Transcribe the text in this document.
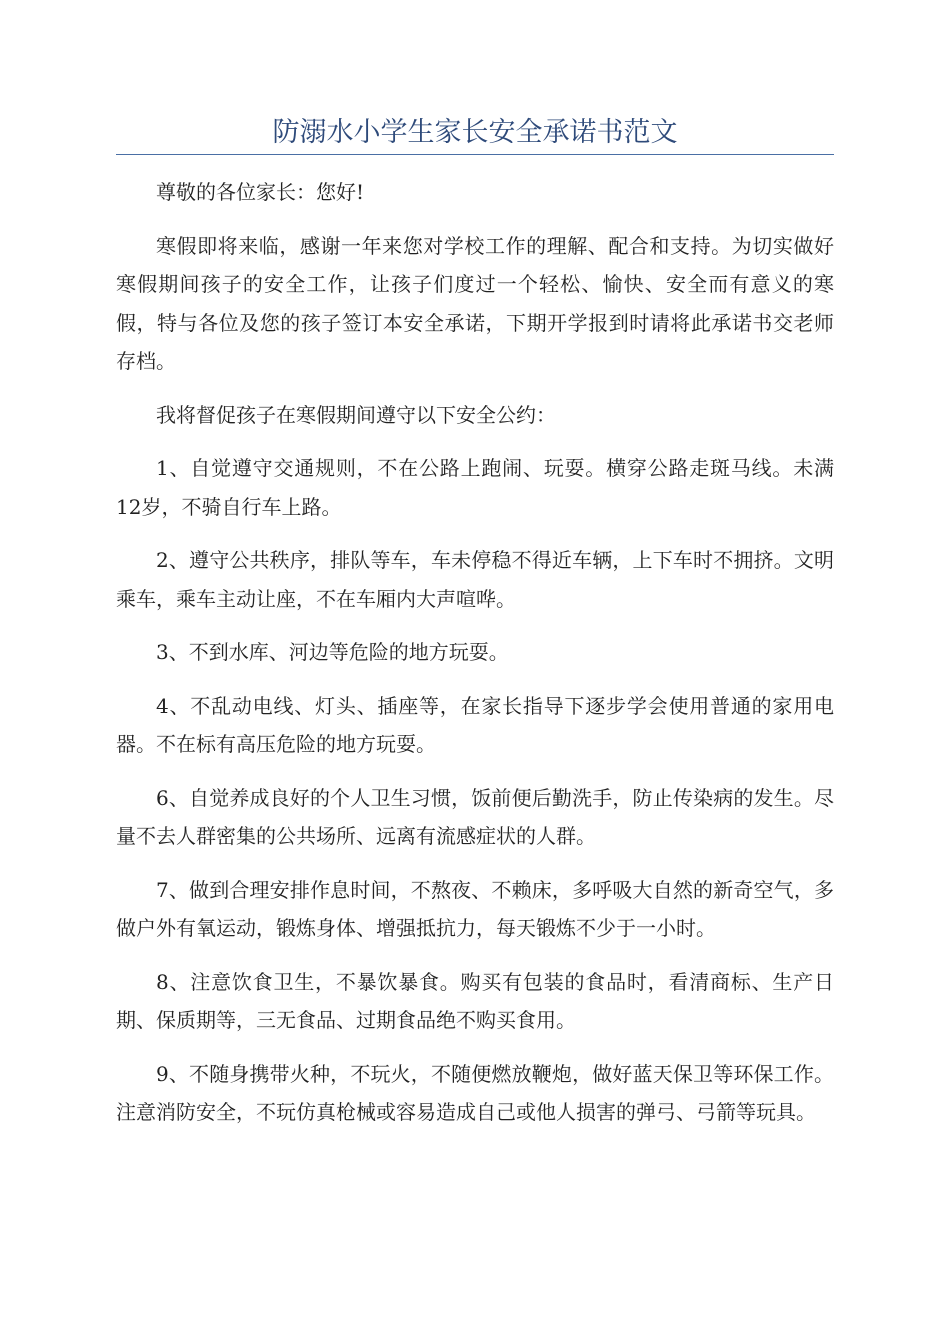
防溺水小学生家长安全承诺书范文

尊敬的各位家长：您好!

寒假即将来临，感谢一年来您对学校工作的理解、配合和支持。为切实做好寒假期间孩子的安全工作，让孩子们度过一个轻松、愉快、安全而有意义的寒假，特与各位及您的孩子签订本安全承诺，下期开学报到时请将此承诺书交老师存档。

我将督促孩子在寒假期间遵守以下安全公约：

1、自觉遵守交通规则，不在公路上跑闹、玩耍。横穿公路走斑马线。未满12岁，不骑自行车上路。

2、遵守公共秩序，排队等车，车未停稳不得近车辆，上下车时不拥挤。文明乘车，乘车主动让座，不在车厢内大声喧哗。

3、不到水库、河边等危险的地方玩耍。

4、不乱动电线、灯头、插座等，在家长指导下逐步学会使用普通的家用电器。不在标有高压危险的地方玩耍。

6、自觉养成良好的个人卫生习惯，饭前便后勤洗手，防止传染病的发生。尽量不去人群密集的公共场所、远离有流感症状的人群。

7、做到合理安排作息时间，不熬夜、不赖床，多呼吸大自然的新奇空气，多做户外有氧运动，锻炼身体、增强抵抗力，每天锻炼不少于一小时。

8、注意饮食卫生，不暴饮暴食。购买有包装的食品时，看清商标、生产日期、保质期等，三无食品、过期食品绝不购买食用。

9、不随身携带火种，不玩火，不随便燃放鞭炮，做好蓝天保卫等环保工作。注意消防安全，不玩仿真枪械或容易造成自己或他人损害的弹弓、弓箭等玩具。
